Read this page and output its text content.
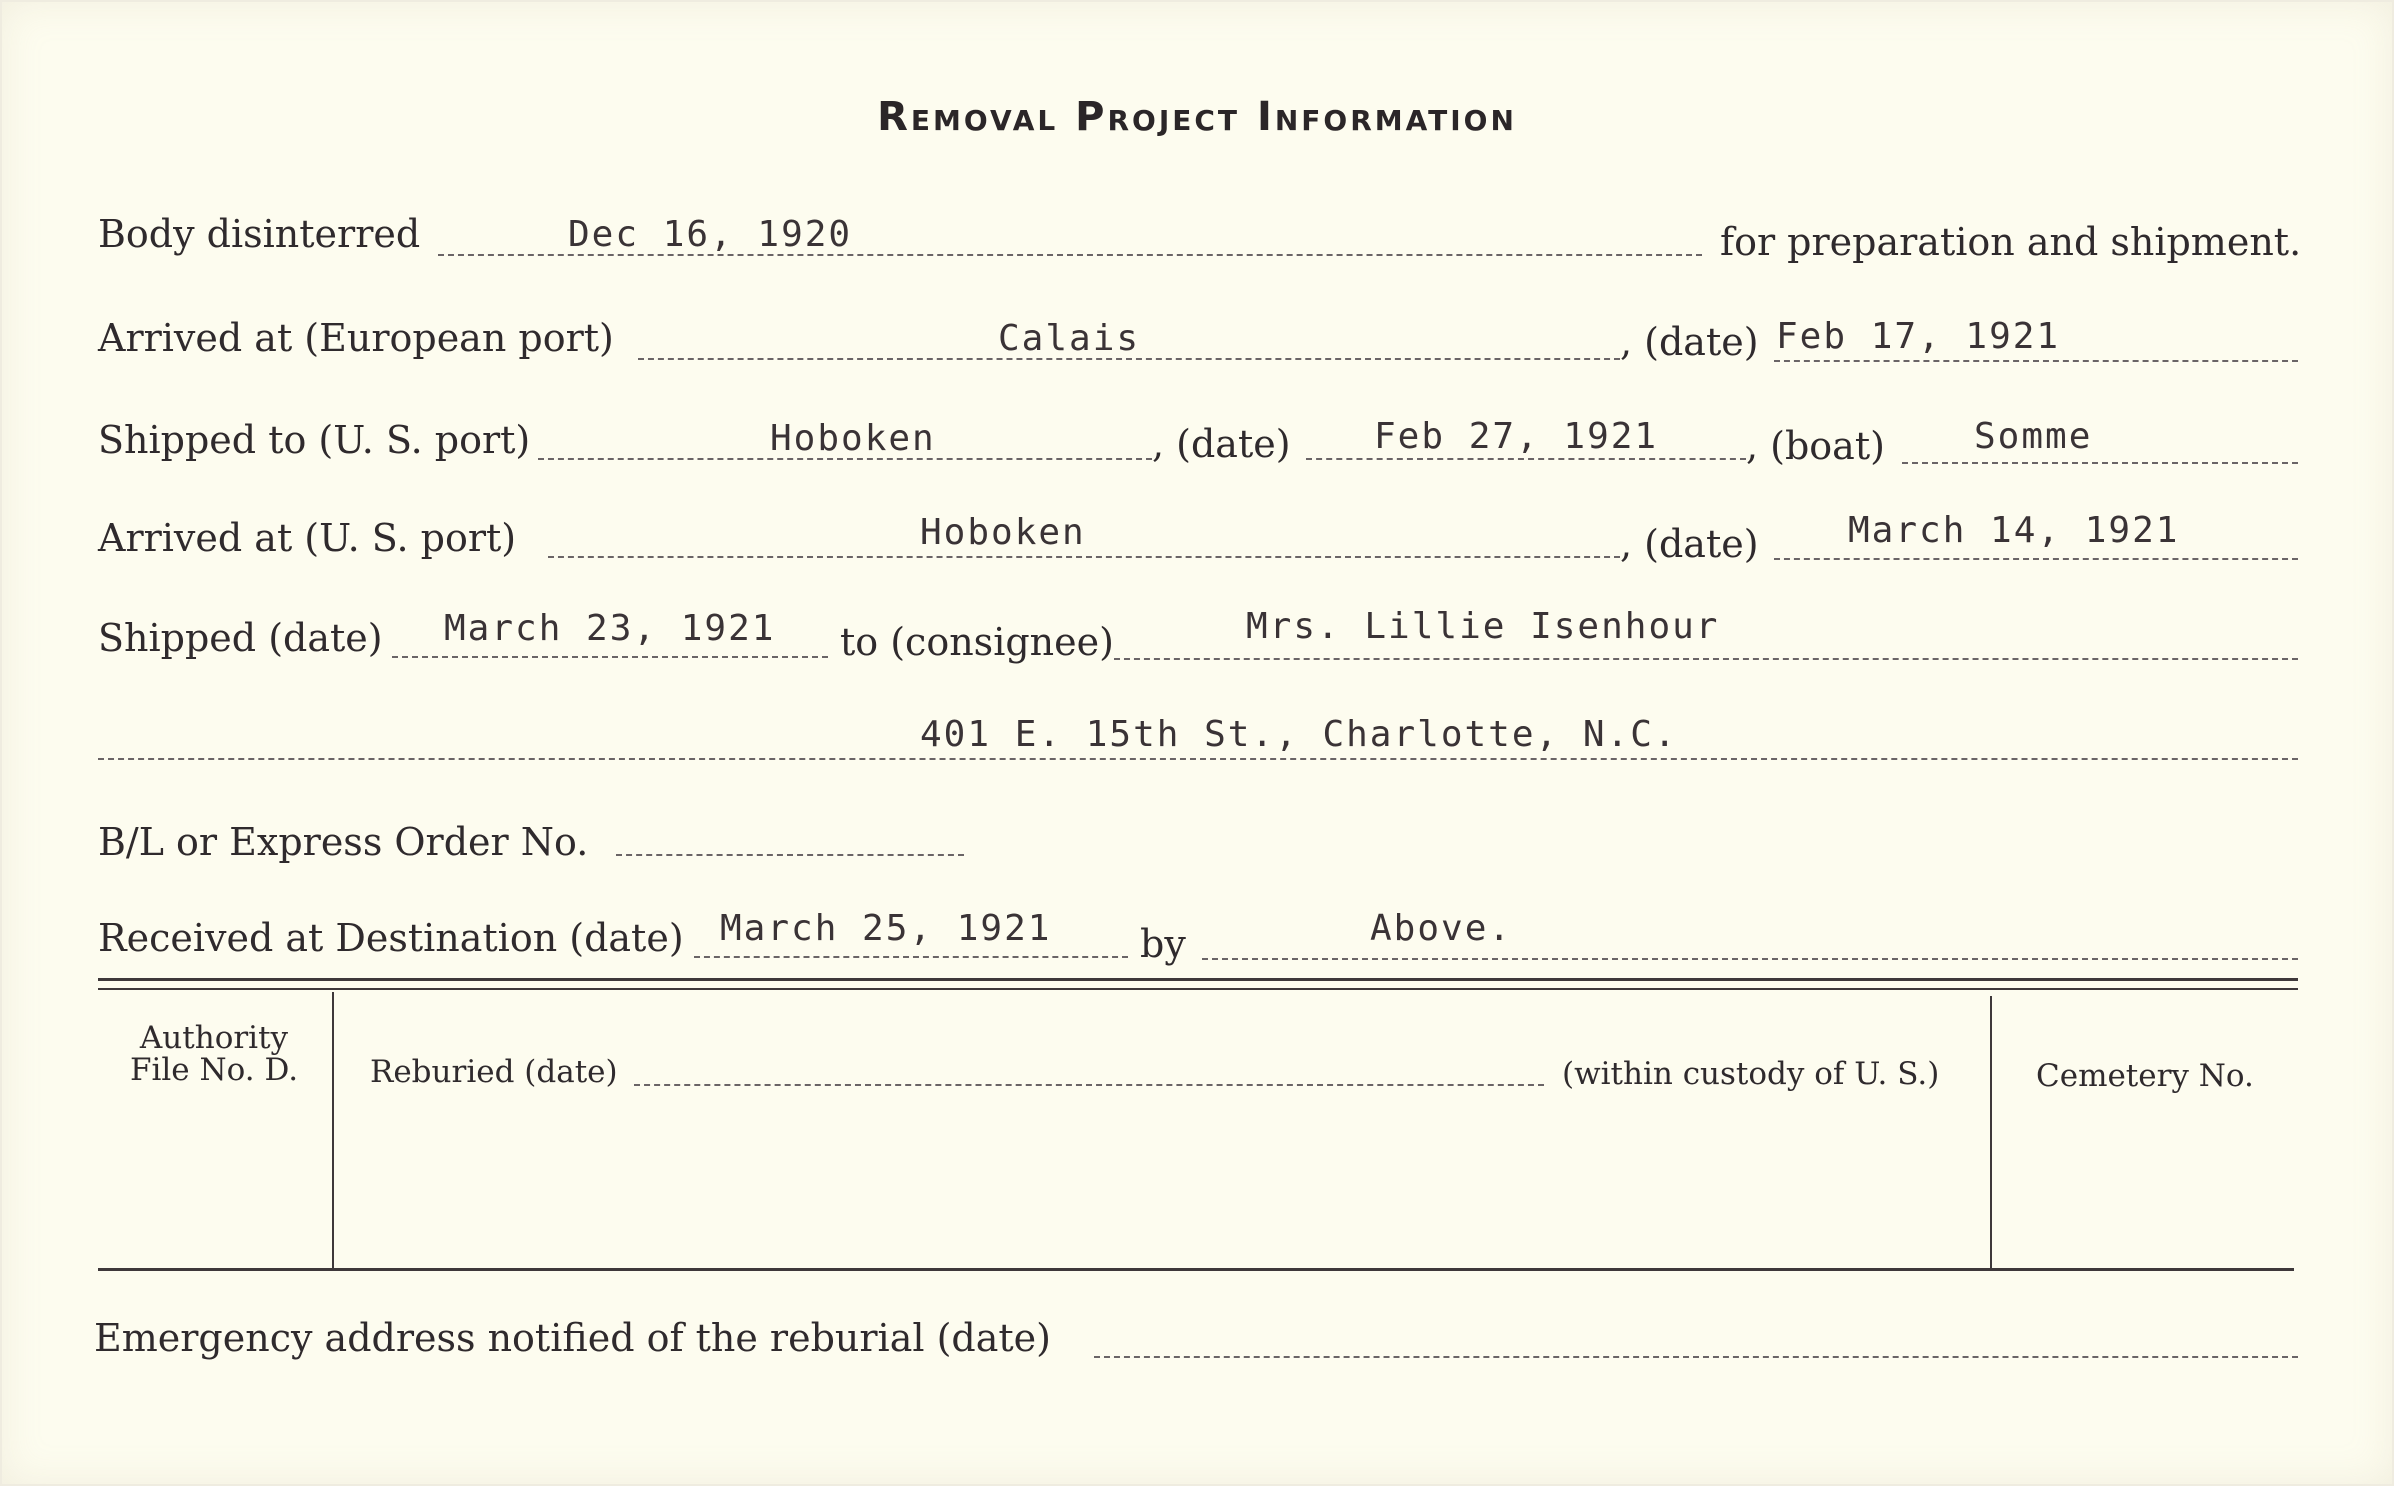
Removal Project Information
Body disinterred	Dec 16, 1920	for preparation and shipment.
Arrived at (European port)	Calais	, (date) Feb 17, 1921
Shipped to (U. S. port)	Hoboken	, (date) Feb 27, 1921 , (boat) Somme
Arrived at (U. S. port)	Hoboken	, (date) March 14, 1921
Shipped (date) March 23, 1921 to (consignee)	Mrs. Lillie Isenhour
401 E. 15th St., Charlotte, N.C.
B/L or Express Order No.
Received at Destination (date) March 25, 1921 by	Above.
Authority
File No. D.	Reburied (date)	(within custody of U. S.)	Cemetery No.
Emergency address notified of the reburial (date)
